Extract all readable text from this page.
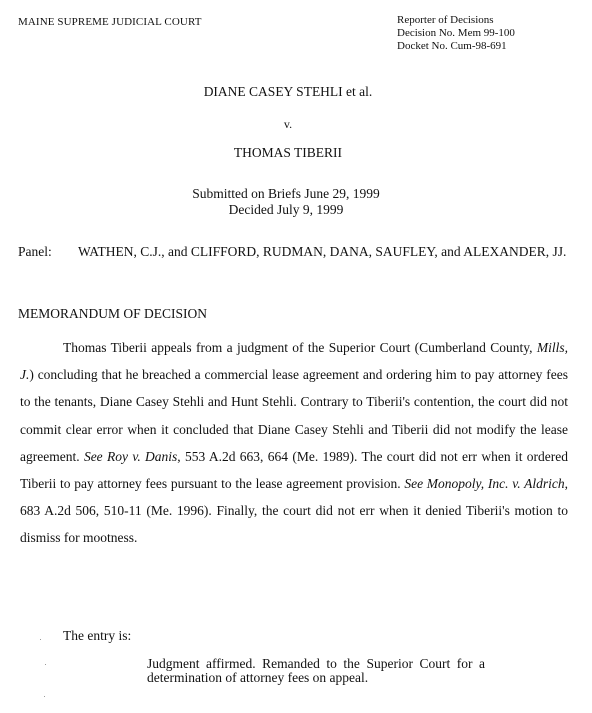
MAINE SUPREME JUDICIAL COURT	Reporter of Decisions
Decision No. Mem 99-100
Docket No. Cum-98-691
DIANE CASEY STEHLI et al.
v.
THOMAS TIBERII
Submitted on Briefs June 29, 1999
Decided July 9, 1999
Panel: WATHEN, C.J., and CLIFFORD, RUDMAN, DANA, SAUFLEY, and ALEXANDER, JJ.
MEMORANDUM OF DECISION

Thomas Tiberii appeals from a judgment of the Superior Court (Cumberland County, Mills, J.) concluding that he breached a commercial lease agreement and ordering him to pay attorney fees to the tenants, Diane Casey Stehli and Hunt Stehli. Contrary to Tiberii's contention, the court did not commit clear error when it concluded that Diane Casey Stehli and Tiberii did not modify the lease agreement. See Roy v. Danis, 553 A.2d 663, 664 (Me. 1989). The court did not err when it ordered Tiberii to pay attorney fees pursuant to the lease agreement provision. See Monopoly, Inc. v. Aldrich, 683 A.2d 506, 510-11 (Me. 1996). Finally, the court did not err when it denied Tiberii's motion to dismiss for mootness.

The entry is:
Judgment affirmed. Remanded to the Superior Court for a determination of attorney fees on appeal.
